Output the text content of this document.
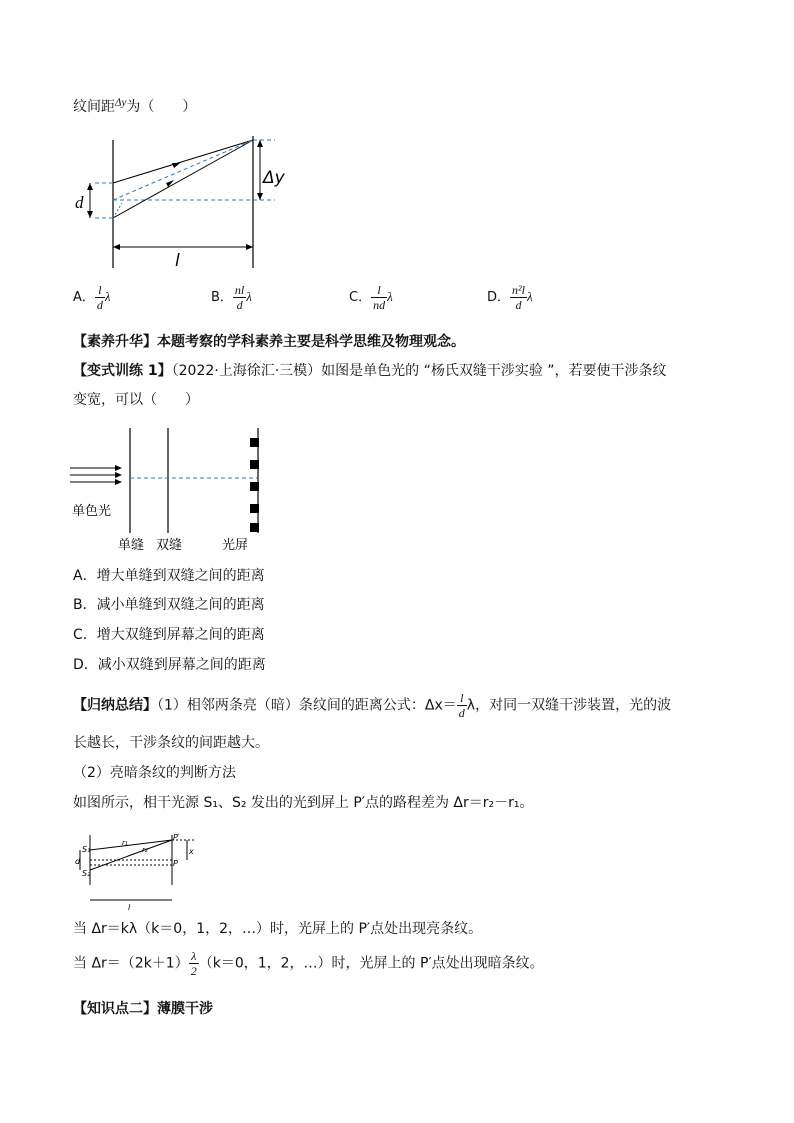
纹间距$^{\Delta y}$为（　　）
d
Δy
l
A． $\frac{l}{d}$ λ	B． $\frac{nl}{d}$ λ	C． $\frac{l}{nd}$ λ	D． $\frac{\text{n²l}}{d}$ λ
【素养升华】本题考察的学科素养主要是科学思维及物理观念。
【变式训练 1】（2022·上海徐汇·三模）如图是单色光的 “杨氏双缝干涉实验 ”，若要使干涉条纹
变宽，可以（　　）
单色光
单缝 双缝	光屏
A．增大单缝到双缝之间的距离
B．减小单缝到双缝之间的距离
C．增大双缝到屏幕之间的距离
D．减小双缝到屏幕之间的距离
【归纳总结】（1）相邻两条亮（暗）条纹间的距离公式：$\Delta x= \frac{l}{d}$ λ，对同一双缝干涉装置，光的波
长越长，干涉条纹的间距越大。
（2）亮暗条纹的判断方法
如图所示，相干光源 S₁、S₂ 发出的光到屏上 P′点的路程差为 Δr＝r₂－r₁。
S₁
S₂
d
r₁
r₂
P′
P
x
l
当 Δr＝kλ（k＝0，1，2，…）时，光屏上的 P′点处出现亮条纹。
当 $\Delta r=(2k+1) \frac{\lambda}{2} (k=0$，1，2，…）时，光屏上的 P′点处出现暗条纹。
【知识点二】薄膜干涉
